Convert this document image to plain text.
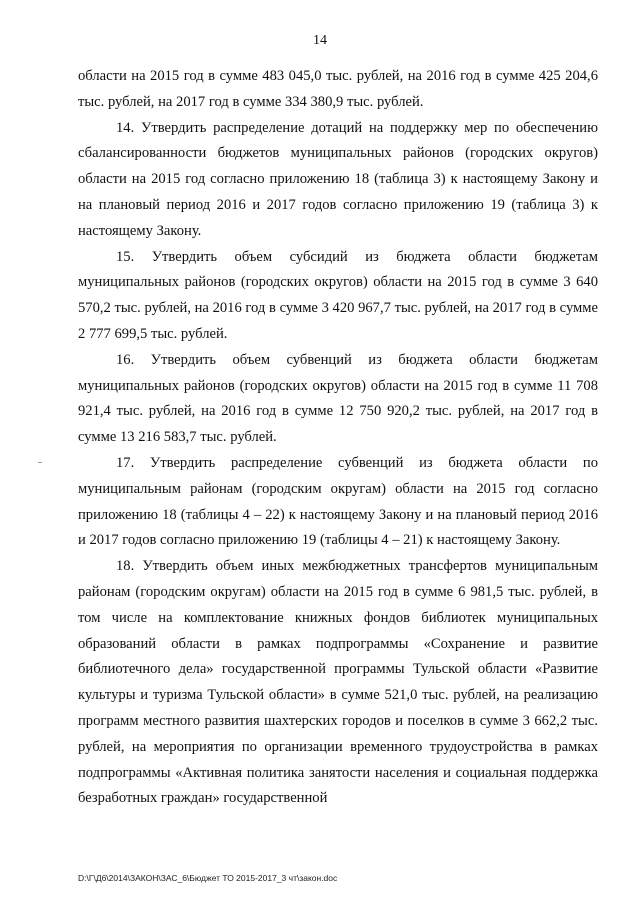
14

области на 2015 год в сумме 483 045,0 тыс. рублей, на 2016 год в сумме 425 204,6 тыс. рублей, на 2017 год в сумме 334 380,9 тыс. рублей.

14. Утвердить распределение дотаций на поддержку мер по обеспечению сбалансированности бюджетов муниципальных районов (городских округов) области на 2015 год согласно приложению 18 (таблица 3) к настоящему Закону и на плановый период 2016 и 2017 годов согласно приложению 19 (таблица 3) к настоящему Закону.

15. Утвердить объем субсидий из бюджета области бюджетам муниципальных районов (городских округов) области на 2015 год в сумме 3 640 570,2 тыс. рублей, на 2016 год в сумме 3 420 967,7 тыс. рублей, на 2017 год в сумме 2 777 699,5 тыс. рублей.

16. Утвердить объем субвенций из бюджета области бюджетам муниципальных районов (городских округов) области на 2015 год в сумме 11 708 921,4 тыс. рублей, на 2016 год в сумме 12 750 920,2 тыс. рублей, на 2017 год в сумме 13 216 583,7 тыс. рублей.

17. Утвердить распределение субвенций из бюджета области по муниципальным районам (городским округам) области на 2015 год согласно приложению 18 (таблицы 4 – 22) к настоящему Закону и на плановый период 2016 и 2017 годов согласно приложению 19 (таблицы 4 – 21) к настоящему Закону.

18. Утвердить объем иных межбюджетных трансфертов муниципальным районам (городским округам) области на 2015 год в сумме 6 981,5 тыс. рублей, в том числе на комплектование книжных фондов библиотек муниципальных образований области в рамках подпрограммы «Сохранение и развитие библиотечного дела» государственной программы Тульской области «Развитие культуры и туризма Тульской области» в сумме 521,0 тыс. рублей, на реализацию программ местного развития шахтерских городов и поселков в сумме 3 662,2 тыс. рублей, на мероприятия по организации временного трудоустройства в рамках подпрограммы «Активная политика занятости населения и социальная поддержка безработных граждан» государственной

D:\Г\Д6\2014\ЗАКОН\ЗАС_6\Бюджет ТО 2015-2017_3 чт\закон.doc
